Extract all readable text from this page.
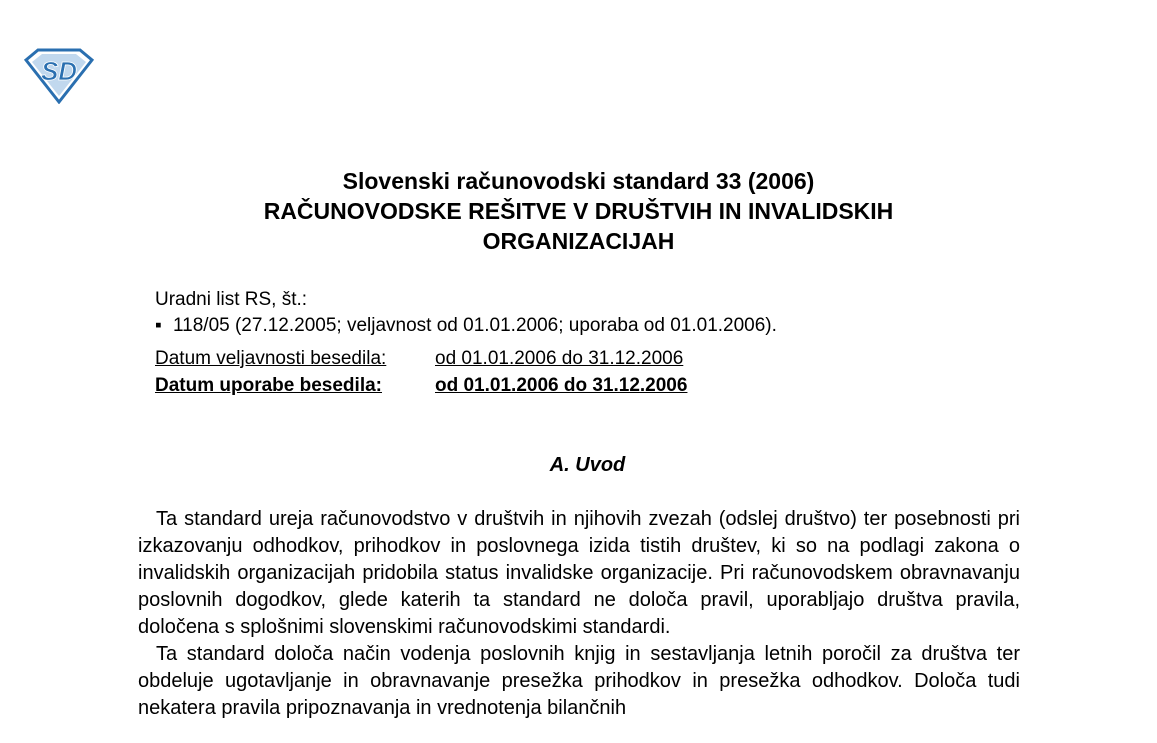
SD
Slovenski računovodski standard 33 (2006)
RAČUNOVODSKE REŠITVE V DRUŠTVIH IN INVALIDSKIH
ORGANIZACIJAH
Uradni list RS, št.:
▪ 118/05 (27.12.2005; veljavnost od 01.01.2006; uporaba od 01.01.2006).
Datum veljavnosti besedila:	od 01.01.2006 do 31.12.2006
Datum uporabe besedila:	od 01.01.2006 do 31.12.2006
A. Uvod

Ta standard ureja računovodstvo v društvih in njihovih zvezah (odslej društvo) ter posebnosti pri izkazovanju odhodkov, prihodkov in poslovnega izida tistih društev, ki so na podlagi zakona o invalidskih organizacijah pridobila status invalidske organizacije. Pri računovodskem obravnavanju poslovnih dogodkov, glede katerih ta standard ne določa pravil, uporabljajo društva pravila, določena s splošnimi slovenskimi računovodskimi standardi.

Ta standard določa način vodenja poslovnih knjig in sestavljanja letnih poročil za društva ter obdeluje ugotavljanje in obravnavanje presežka prihodkov in presežka odhodkov. Določa tudi nekatera pravila pripoznavanja in vrednotenja bilančnih
